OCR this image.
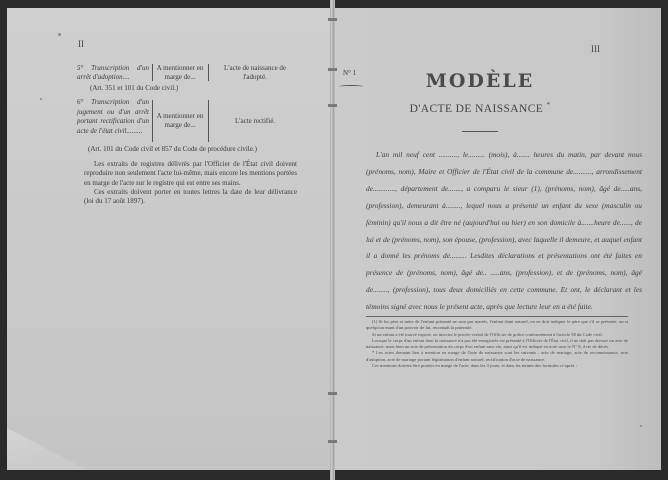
II
5° Transcription d'un arrêt d'adoption....
A mentionner en marge de...
L'acte de naissance de l'adopté.
(Art. 351 et 101 du Code civil.)
6° Transcription d'un jugement ou d'un arrêt portant rectification d'un acte de l'état civil.........
A mentionner en marge de...	L'acte rectifié.
(Art. 101 du Code civil et 857 du Code de procédure civile.)
Les extraits de registres délivrés par l'Officier de l'État civil doivent reproduire non seulement l'acte lui-même, mais encore les mentions portées en marge de l'acte sur le registre qui est entre ses mains.
Ces extraits doivent porter en toutes lettres la date de leur délivrance (loi du 17 août 1897).
III
N° 1	MODÈLE
D'ACTE DE NAISSANCE *
L'an mil neuf cent .........., le......... (mois), à....... heures du matin, par devant nous (prénoms, nom), Maire et Officier de l'État civil de la commune de.........., arrondissement de............, département de......., a comparu le sieur (1), (prénoms, nom), âgé de.....ans, (profession), demeurant à........, lequel nous a présenté un enfant du sexe (masculin ou féminin) qu'il nous a dit être né (aujourd'hui ou hier) en son domicile à.......heure de......, de lui et de (prénoms, nom), son épouse, (profession), avec laquelle il demeure, et auquel enfant il a donné les prénoms de......... Lesdites déclarations et présentations ont été faites en présence de (prénoms, nom), âgé de.. .....ans, (profession), et de (prénoms, nom), âgé de........, (profession), tous deux domiciliés en cette commune. Et ont, le déclarant et les témoins signé avec nous le présent acte, après que lecture leur en a été faite.

(1) Si les père et mère de l'enfant présenté ne sont pas mariés, l'enfant étant naturel, on ne doit indiquer le père que s'il se présente, ou si quelqu'un muni d'un pouvoir de lui, reconnaît la paternité.

Si un enfant a été trouvé exposé, on inscrira le procès-verbal de l'Officier de police conformément à l'article 58 du Code civil.

Lorsque le corps d'un enfant dont la naissance n'a pas été enregistrée est présenté à l'Officier de l'État civil, il ne doit pas dresser un acte de naissance, mais bien un acte de présentation du corps d'un enfant sans vie, ainsi qu'il est indiqué en note sous le N° 8, Acte de décès.

* Les actes donnant lieu à mention en marge de l'acte de naissance sont les suivants : acte de mariage, acte de reconnaissance, acte d'adoption, acte de mariage portant légitimation d'enfant naturel, rectification d'acte de naissance.

Ces mentions doivent être portées en marge de l'acte, dans les 3 jours, et dans les termes des formules ci-après :
